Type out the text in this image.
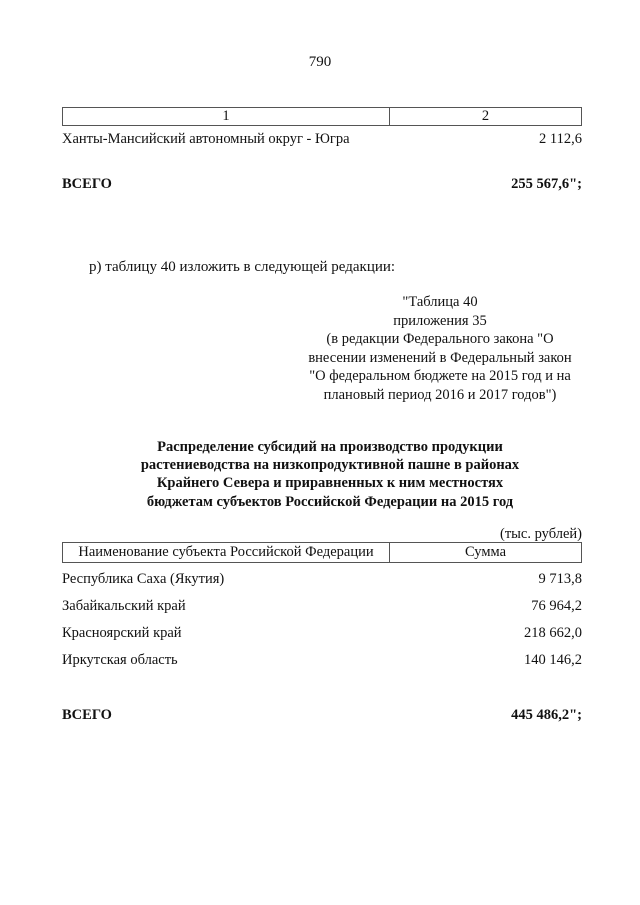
790
1	2
Ханты-Мансийский автономный округ - Югра	2 112,6
ВСЕГО	255 567,6";
р) таблицу 40 изложить в следующей редакции:
"Таблица 40
приложения 35
(в редакции Федерального закона "О
внесении изменений в Федеральный закон
"О федеральном бюджете на 2015 год и на
плановый период 2016 и 2017 годов")
Распределение субсидий на производство продукции
растениеводства на низкопродуктивной пашне в районах
Крайнего Севера и приравненных к ним местностях
бюджетам субъектов Российской Федерации на 2015 год
(тыс. рублей)
Наименование субъекта Российской Федерации	Сумма
Республика Саха (Якутия)	9 713,8
Забайкальский край	76 964,2
Красноярский край	218 662,0
Иркутская область	140 146,2
ВСЕГО	445 486,2";
